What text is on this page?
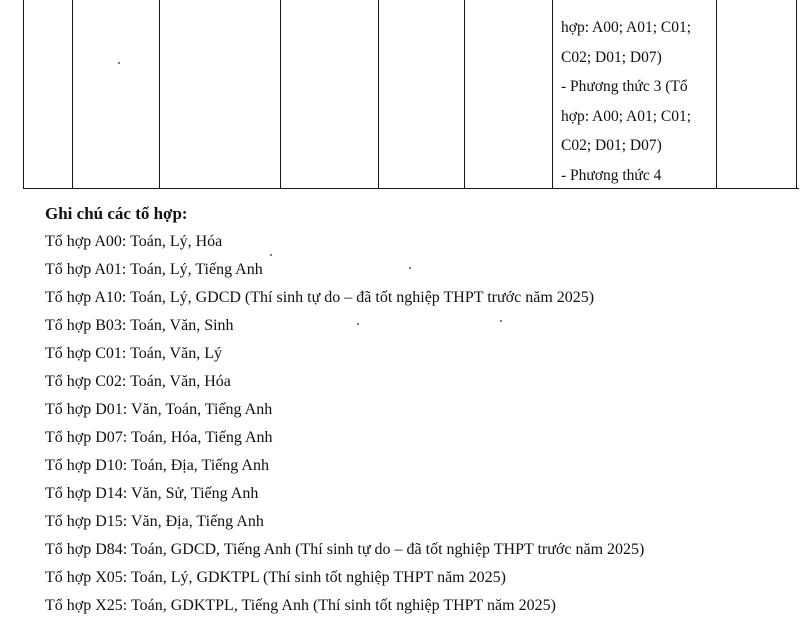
hợp: A00; A01; C01;
C02; D01; D07)
- Phương thức 3 (Tổ
hợp: A00; A01; C01;
C02; D01; D07)
- Phương thức 4
Ghi chú các tổ hợp:
Tổ hợp A00: Toán, Lý, Hóa
Tổ hợp A01: Toán, Lý, Tiếng Anh
Tổ hợp A10: Toán, Lý, GDCD (Thí sinh tự do – đã tốt nghiệp THPT trước năm 2025)
Tổ hợp B03: Toán, Văn, Sinh
Tổ hợp C01: Toán, Văn, Lý
Tổ hợp C02: Toán, Văn, Hóa
Tổ hợp D01: Văn, Toán, Tiếng Anh
Tổ hợp D07: Toán, Hóa, Tiếng Anh
Tổ hợp D10: Toán, Địa, Tiếng Anh
Tổ hợp D14: Văn, Sử, Tiếng Anh
Tổ hợp D15: Văn, Địa, Tiếng Anh
Tổ hợp D84: Toán, GDCD, Tiếng Anh (Thí sinh tự do – đã tốt nghiệp THPT trước năm 2025)
Tổ hợp X05: Toán, Lý, GDKTPL (Thí sinh tốt nghiệp THPT năm 2025)
Tổ hợp X25: Toán, GDKTPL, Tiếng Anh (Thí sinh tốt nghiệp THPT năm 2025)
